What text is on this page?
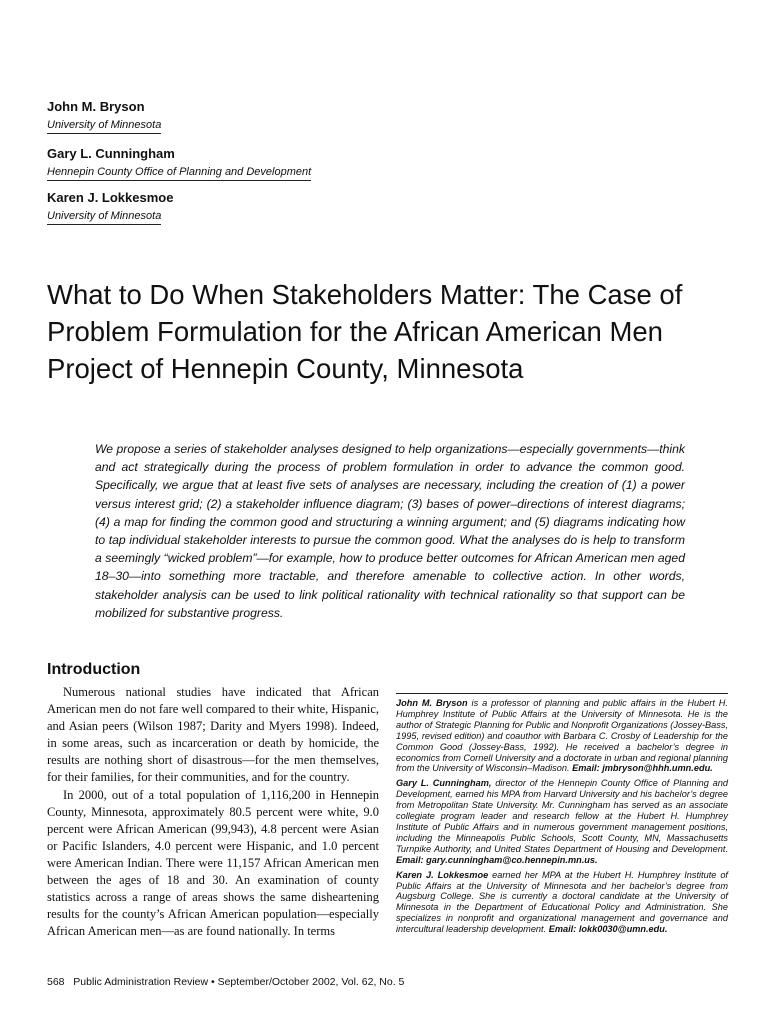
John M. Bryson
University of Minnesota
Gary L. Cunningham
Hennepin County Office of Planning and Development
Karen J. Lokkesmoe
University of Minnesota
What to Do When Stakeholders Matter: The Case of Problem Formulation for the African American Men Project of Hennepin County, Minnesota

We propose a series of stakeholder analyses designed to help organizations—especially governments—think and act strategically during the process of problem formulation in order to advance the common good. Specifically, we argue that at least five sets of analyses are necessary, including the creation of (1) a power versus interest grid; (2) a stakeholder influence diagram; (3) bases of power–directions of interest diagrams; (4) a map for finding the common good and structuring a winning argument; and (5) diagrams indicating how to tap individual stakeholder interests to pursue the common good. What the analyses do is help to transform a seemingly “wicked problem”—for example, how to produce better outcomes for African American men aged 18–30—into something more tractable, and therefore amenable to collective action. In other words, stakeholder analysis can be used to link political rationality with technical rationality so that support can be mobilized for substantive progress.

Introduction

Numerous national studies have indicated that African American men do not fare well compared to their white, Hispanic, and Asian peers (Wilson 1987; Darity and Myers 1998). Indeed, in some areas, such as incarceration or death by homicide, the results are nothing short of disastrous—for the men themselves, for their families, for their communities, and for the country.

In 2000, out of a total population of 1,116,200 in Hennepin County, Minnesota, approximately 80.5 percent were white, 9.0 percent were African American (99,943), 4.8 percent were Asian or Pacific Islanders, 4.0 percent were Hispanic, and 1.0 percent were American Indian. There were 11,157 African American men between the ages of 18 and 30. An examination of county statistics across a range of areas shows the same disheartening results for the county’s African American population—especially African American men—as are found nationally. In terms

John M. Bryson is a professor of planning and public affairs in the Hubert H. Humphrey Institute of Public Affairs at the University of Minnesota. He is the author of Strategic Planning for Public and Nonprofit Organizations (Jossey-Bass, 1995, revised edition) and coauthor with Barbara C. Crosby of Leadership for the Common Good (Jossey-Bass, 1992). He received a bachelor’s degree in economics from Cornell University and a doctorate in urban and regional planning from the University of Wisconsin–Madison. Email: jmbryson@hhh.umn.edu.

Gary L. Cunningham, director of the Hennepin County Office of Planning and Development, earned his MPA from Harvard University and his bachelor’s degree from Metropolitan State University. Mr. Cunningham has served as an associate collegiate program leader and research fellow at the Hubert H. Humphrey Institute of Public Affairs and in numerous government management positions, including the Minneapolis Public Schools, Scott County, MN, Massachusetts Turnpike Authority, and United States Department of Housing and Development. Email: gary.cunningham@co.hennepin.mn.us.

Karen J. Lokkesmoe earned her MPA at the Hubert H. Humphrey Institute of Public Affairs at the University of Minnesota and her bachelor’s degree from Augsburg College. She is currently a doctoral candidate at the University of Minnesota in the Department of Educational Policy and Administration. She specializes in nonprofit and organizational management and governance and intercultural leadership development. Email: lokk0030@umn.edu.

568   Public Administration Review • September/October 2002, Vol. 62, No. 5
